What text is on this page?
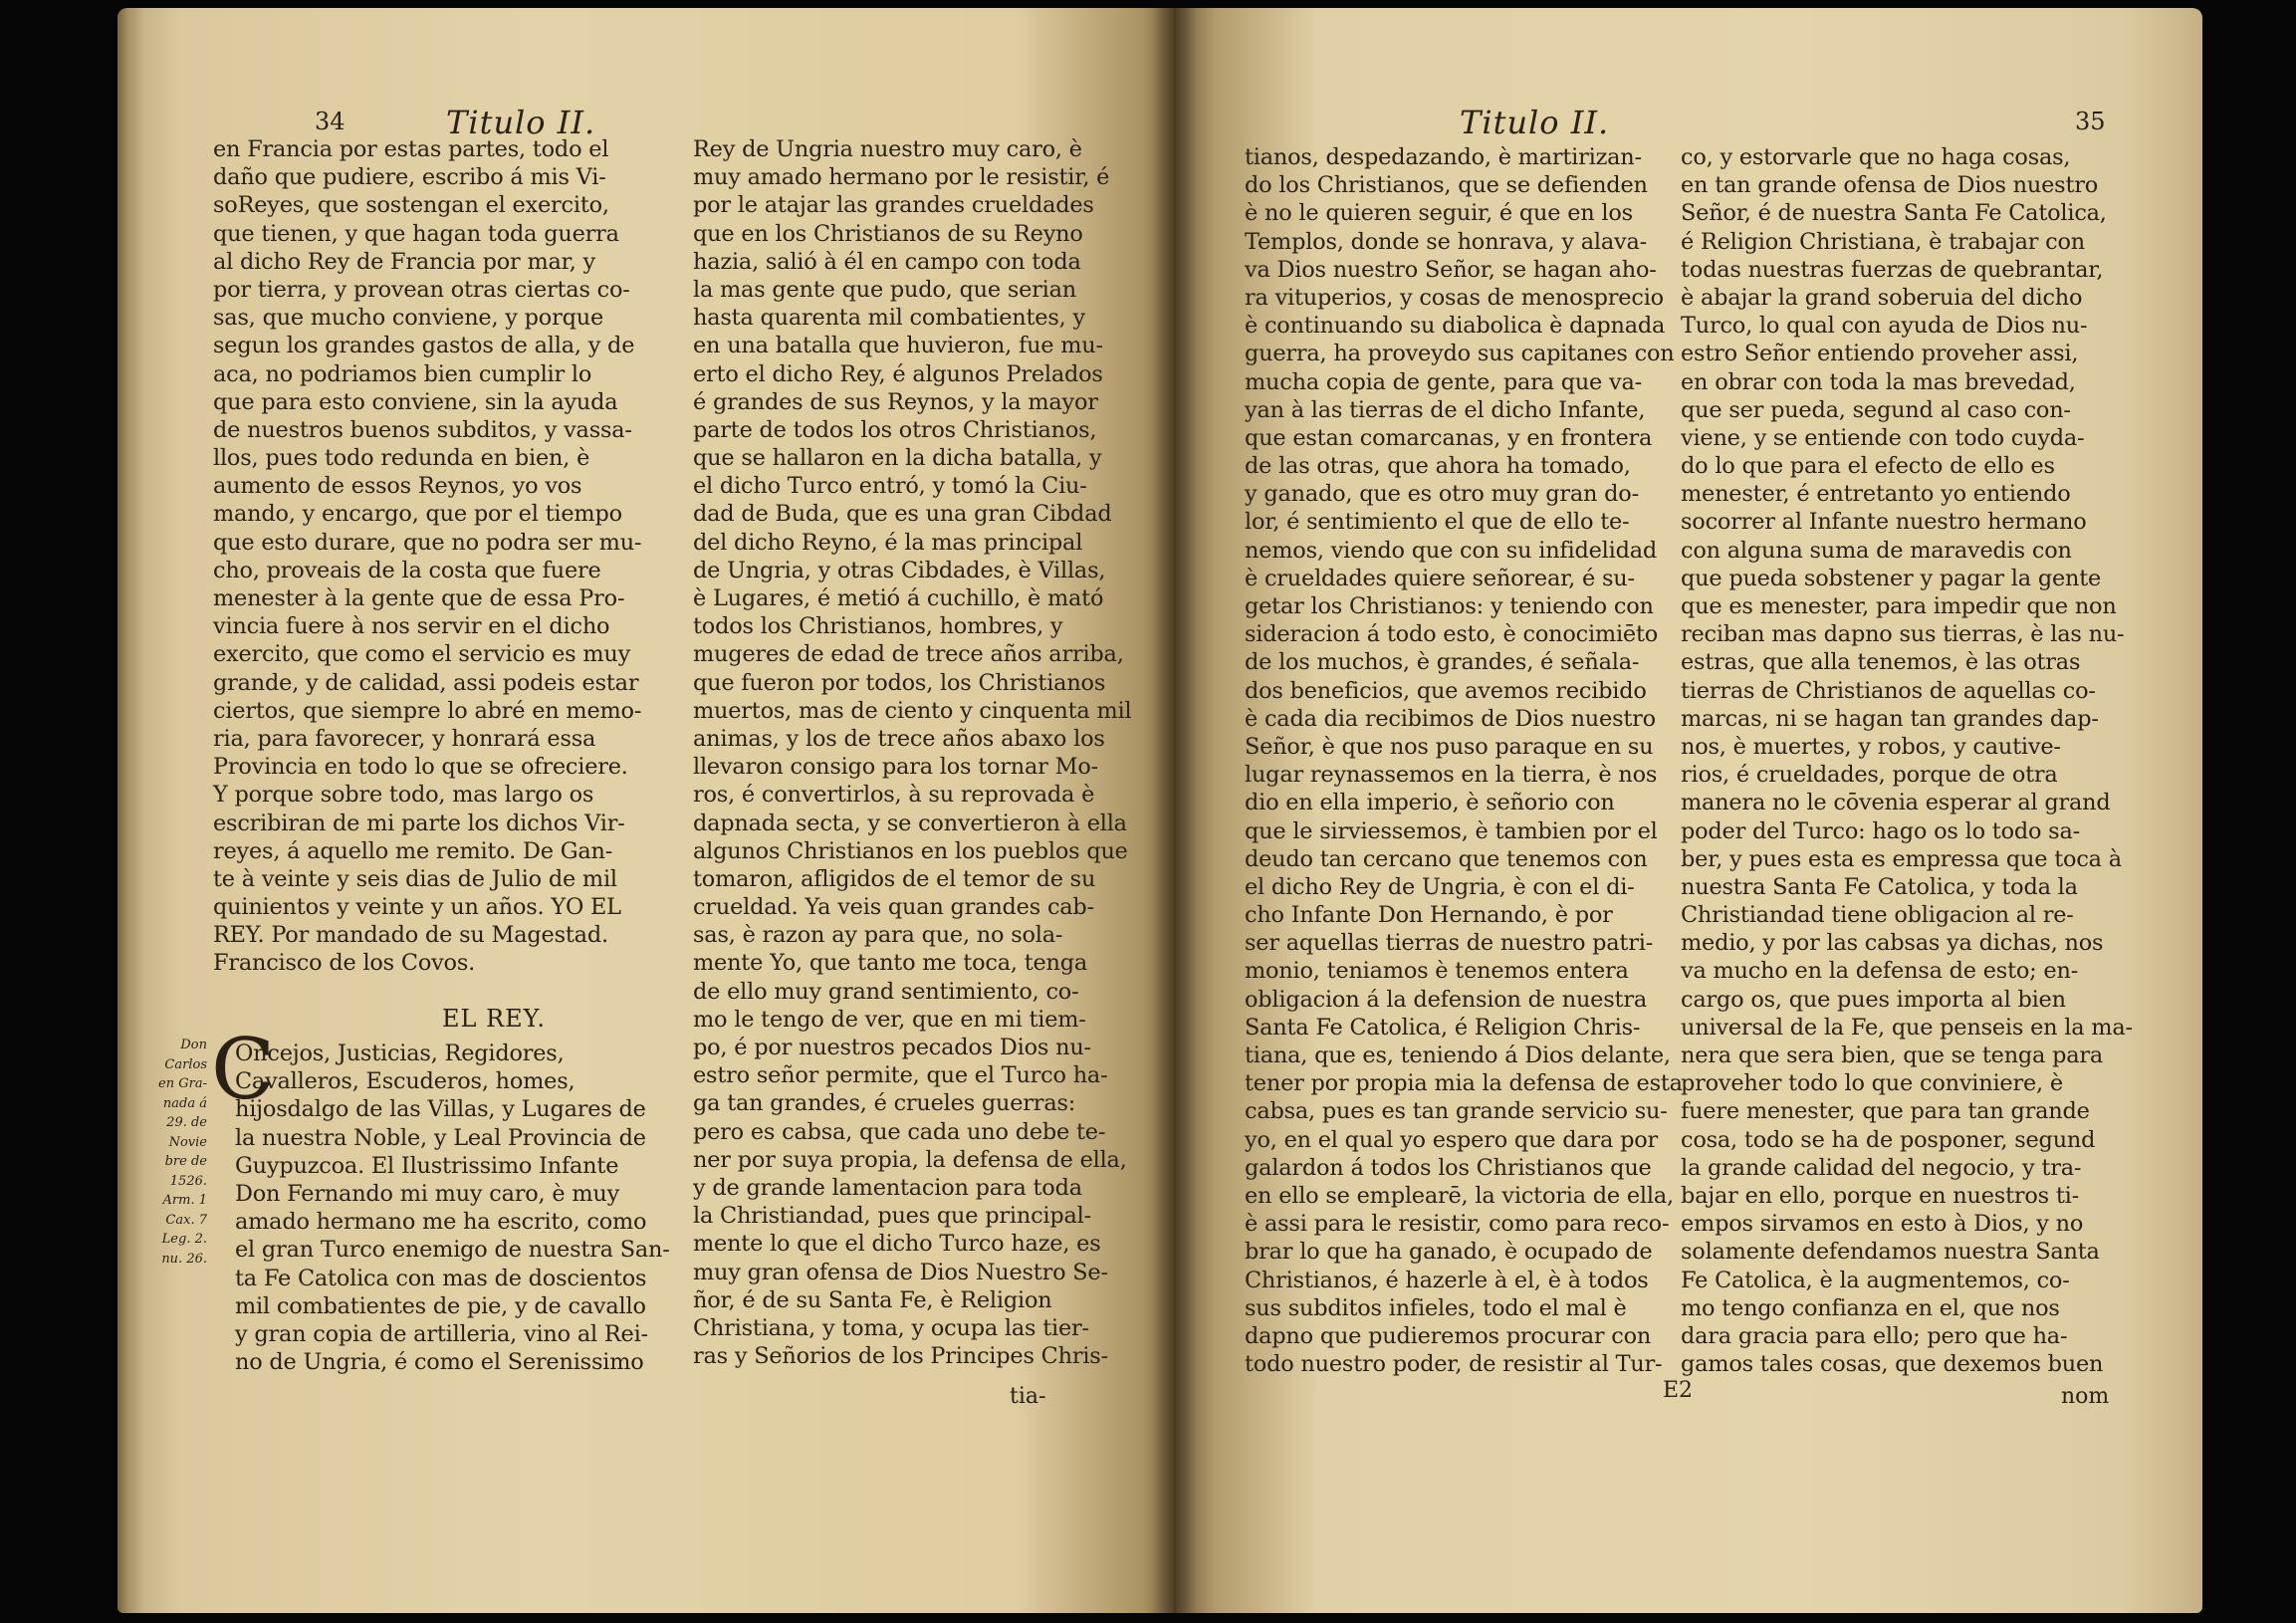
34	Titulo II.
en Francia por estas partes, todo el
daño que pudiere, escribo á mis Vi-
soReyes, que sostengan el exercito,
que tienen, y que hagan toda guerra
al dicho Rey de Francia por mar, y
por tierra, y provean otras ciertas co-
sas, que mucho conviene, y porque
segun los grandes gastos de alla, y de
aca, no podriamos bien cumplir lo
que para esto conviene, sin la ayuda
de nuestros buenos subditos, y vassa-
llos, pues todo redunda en bien, è
aumento de essos Reynos, yo vos
mando, y encargo, que por el tiempo
que esto durare, que no podra ser mu-
cho, proveais de la costa que fuere
menester à la gente que de essa Pro-
vincia fuere à nos servir en el dicho
exercito, que como el servicio es muy
grande, y de calidad, assi podeis estar
ciertos, que siempre lo abré en memo-
ria, para favorecer, y honrará essa
Provincia en todo lo que se ofreciere.
Y porque sobre todo, mas largo os
escribiran de mi parte los dichos Vir-
reyes, á aquello me remito. De Gan-
te à veinte y seis dias de Julio de mil
quinientos y veinte y un años. YO EL
REY. Por mandado de su Magestad.
Francisco de los Covos.
EL REY.
C
Oncejos, Justicias, Regidores,
Cavalleros, Escuderos, homes,
hijosdalgo de las Villas, y Lugares de
la nuestra Noble, y Leal Provincia de
Guypuzcoa. El Ilustrissimo Infante
Don Fernando mi muy caro, è muy
amado hermano me ha escrito, como
el gran Turco enemigo de nuestra San-
ta Fe Catolica con mas de doscientos
mil combatientes de pie, y de cavallo
y gran copia de artilleria, vino al Rei-
no de Ungria, é como el Serenissimo
Don
Carlos
en Gra-
nada á
29. de
Novie
bre de
1526.
Arm. 1
Cax. 7
Leg. 2.
nu. 26.
Rey de Ungria nuestro muy caro, è
muy amado hermano por le resistir, é
por le atajar las grandes crueldades
que en los Christianos de su Reyno
hazia, salió à él en campo con toda
la mas gente que pudo, que serian
hasta quarenta mil combatientes, y
en una batalla que huvieron, fue mu-
erto el dicho Rey, é algunos Prelados
é grandes de sus Reynos, y la mayor
parte de todos los otros Christianos,
que se hallaron en la dicha batalla, y
el dicho Turco entró, y tomó la Ciu-
dad de Buda, que es una gran Cibdad
del dicho Reyno, é la mas principal
de Ungria, y otras Cibdades, è Villas,
è Lugares, é metió á cuchillo, è mató
todos los Christianos, hombres, y
mugeres de edad de trece años arriba,
que fueron por todos, los Christianos
muertos, mas de ciento y cinquenta mil
animas, y los de trece años abaxo los
llevaron consigo para los tornar Mo-
ros, é convertirlos, à su reprovada è
dapnada secta, y se convertieron à ella
algunos Christianos en los pueblos que
tomaron, afligidos de el temor de su
crueldad. Ya veis quan grandes cab-
sas, è razon ay para que, no sola-
mente Yo, que tanto me toca, tenga
de ello muy grand sentimiento, co-
mo le tengo de ver, que en mi tiem-
po, é por nuestros pecados Dios nu-
estro señor permite, que el Turco ha-
ga tan grandes, é crueles guerras:
pero es cabsa, que cada uno debe te-
ner por suya propia, la defensa de ella,
y de grande lamentacion para toda
la Christiandad, pues que principal-
mente lo que el dicho Turco haze, es
muy gran ofensa de Dios Nuestro Se-
ñor, é de su Santa Fe, è Religion
Christiana, y toma, y ocupa las tier-
ras y Señorios de los Principes Chris-
tia-
Titulo II.	35
tianos, despedazando, è martirizan-
do los Christianos, que se defienden
è no le quieren seguir, é que en los
Templos, donde se honrava, y alava-
va Dios nuestro Señor, se hagan aho-
ra vituperios, y cosas de menosprecio
è continuando su diabolica è dapnada
guerra, ha proveydo sus capitanes con
mucha copia de gente, para que va-
yan à las tierras de el dicho Infante,
que estan comarcanas, y en frontera
de las otras, que ahora ha tomado,
y ganado, que es otro muy gran do-
lor, é sentimiento el que de ello te-
nemos, viendo que con su infidelidad
è crueldades quiere señorear, é su-
getar los Christianos: y teniendo con
sideracion á todo esto, è conocimiēto
de los muchos, è grandes, é señala-
dos beneficios, que avemos recibido
è cada dia recibimos de Dios nuestro
Señor, è que nos puso paraque en su
lugar reynassemos en la tierra, è nos
dio en ella imperio, è señorio con
que le sirviessemos, è tambien por el
deudo tan cercano que tenemos con
el dicho Rey de Ungria, è con el di-
cho Infante Don Hernando, è por
ser aquellas tierras de nuestro patri-
monio, teniamos è tenemos entera
obligacion á la defension de nuestra
Santa Fe Catolica, é Religion Chris-
tiana, que es, teniendo á Dios delante,
tener por propia mia la defensa de esta
cabsa, pues es tan grande servicio su-
yo, en el qual yo espero que dara por
galardon á todos los Christianos que
en ello se emplearē, la victoria de ella,
è assi para le resistir, como para reco-
brar lo que ha ganado, è ocupado de
Christianos, é hazerle à el, è à todos
sus subditos infieles, todo el mal è
dapno que pudieremos procurar con
todo nuestro poder, de resistir al Tur-
co, y estorvarle que no haga cosas,
en tan grande ofensa de Dios nuestro
Señor, é de nuestra Santa Fe Catolica,
é Religion Christiana, è trabajar con
todas nuestras fuerzas de quebrantar,
è abajar la grand soberuia del dicho
Turco, lo qual con ayuda de Dios nu-
estro Señor entiendo proveher assi,
en obrar con toda la mas brevedad,
que ser pueda, segund al caso con-
viene, y se entiende con todo cuyda-
do lo que para el efecto de ello es
menester, é entretanto yo entiendo
socorrer al Infante nuestro hermano
con alguna suma de maravedis con
que pueda sobstener y pagar la gente
que es menester, para impedir que non
reciban mas dapno sus tierras, è las nu-
estras, que alla tenemos, è las otras
tierras de Christianos de aquellas co-
marcas, ni se hagan tan grandes dap-
nos, è muertes, y robos, y cautive-
rios, é crueldades, porque de otra
manera no le cōvenia esperar al grand
poder del Turco: hago os lo todo sa-
ber, y pues esta es empressa que toca à
nuestra Santa Fe Catolica, y toda la
Christiandad tiene obligacion al re-
medio, y por las cabsas ya dichas, nos
va mucho en la defensa de esto; en-
cargo os, que pues importa al bien
universal de la Fe, que penseis en la ma-
nera que sera bien, que se tenga para
proveher todo lo que conviniere, è
fuere menester, que para tan grande
cosa, todo se ha de posponer, segund
la grande calidad del negocio, y tra-
bajar en ello, porque en nuestros ti-
empos sirvamos en esto à Dios, y no
solamente defendamos nuestra Santa
Fe Catolica, è la augmentemos, co-
mo tengo confianza en el, que nos
dara gracia para ello; pero que ha-
gamos tales cosas, que dexemos buen
E2	nom
